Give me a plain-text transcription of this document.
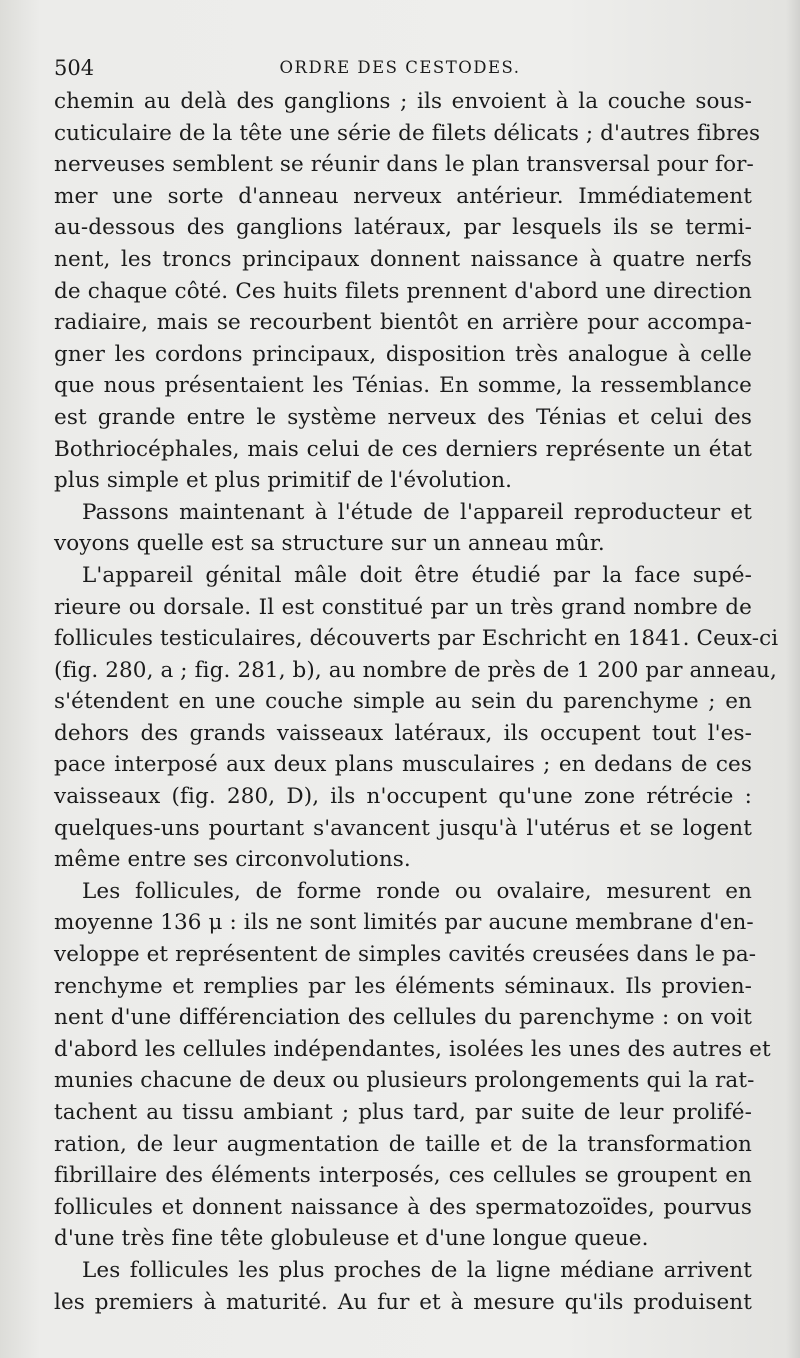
504	ORDRE DES CESTODES.
chemin au delà des ganglions ; ils envoient à la couche sous-
cuticulaire de la tête une série de filets délicats ; d'autres fibres
nerveuses semblent se réunir dans le plan transversal pour for-
mer une sorte d'anneau nerveux antérieur. Immédiatement
au-dessous des ganglions latéraux, par lesquels ils se termi-
nent, les troncs principaux donnent naissance à quatre nerfs
de chaque côté. Ces huits filets prennent d'abord une direction
radiaire, mais se recourbent bientôt en arrière pour accompa-
gner les cordons principaux, disposition très analogue à celle
que nous présentaient les Ténias. En somme, la ressemblance
est grande entre le système nerveux des Ténias et celui des
Bothriocéphales, mais celui de ces derniers représente un état
plus simple et plus primitif de l'évolution.
Passons maintenant à l'étude de l'appareil reproducteur et
voyons quelle est sa structure sur un anneau mûr.
L'appareil génital mâle doit être étudié par la face supé-
rieure ou dorsale. Il est constitué par un très grand nombre de
follicules testiculaires, découverts par Eschricht en 1841. Ceux-ci
(fig. 280, a ; fig. 281, b), au nombre de près de 1 200 par anneau,
s'étendent en une couche simple au sein du parenchyme ; en
dehors des grands vaisseaux latéraux, ils occupent tout l'es-
pace interposé aux deux plans musculaires ; en dedans de ces
vaisseaux (fig. 280, D), ils n'occupent qu'une zone rétrécie :
quelques-uns pourtant s'avancent jusqu'à l'utérus et se logent
même entre ses circonvolutions.
Les follicules, de forme ronde ou ovalaire, mesurent en
moyenne 136 μ : ils ne sont limités par aucune membrane d'en-
veloppe et représentent de simples cavités creusées dans le pa-
renchyme et remplies par les éléments séminaux. Ils provien-
nent d'une différenciation des cellules du parenchyme : on voit
d'abord les cellules indépendantes, isolées les unes des autres et
munies chacune de deux ou plusieurs prolongements qui la rat-
tachent au tissu ambiant ; plus tard, par suite de leur prolifé-
ration, de leur augmentation de taille et de la transformation
fibrillaire des éléments interposés, ces cellules se groupent en
follicules et donnent naissance à des spermatozoïdes, pourvus
d'une très fine tête globuleuse et d'une longue queue.
Les follicules les plus proches de la ligne médiane arrivent
les premiers à maturité. Au fur et à mesure qu'ils produisent
